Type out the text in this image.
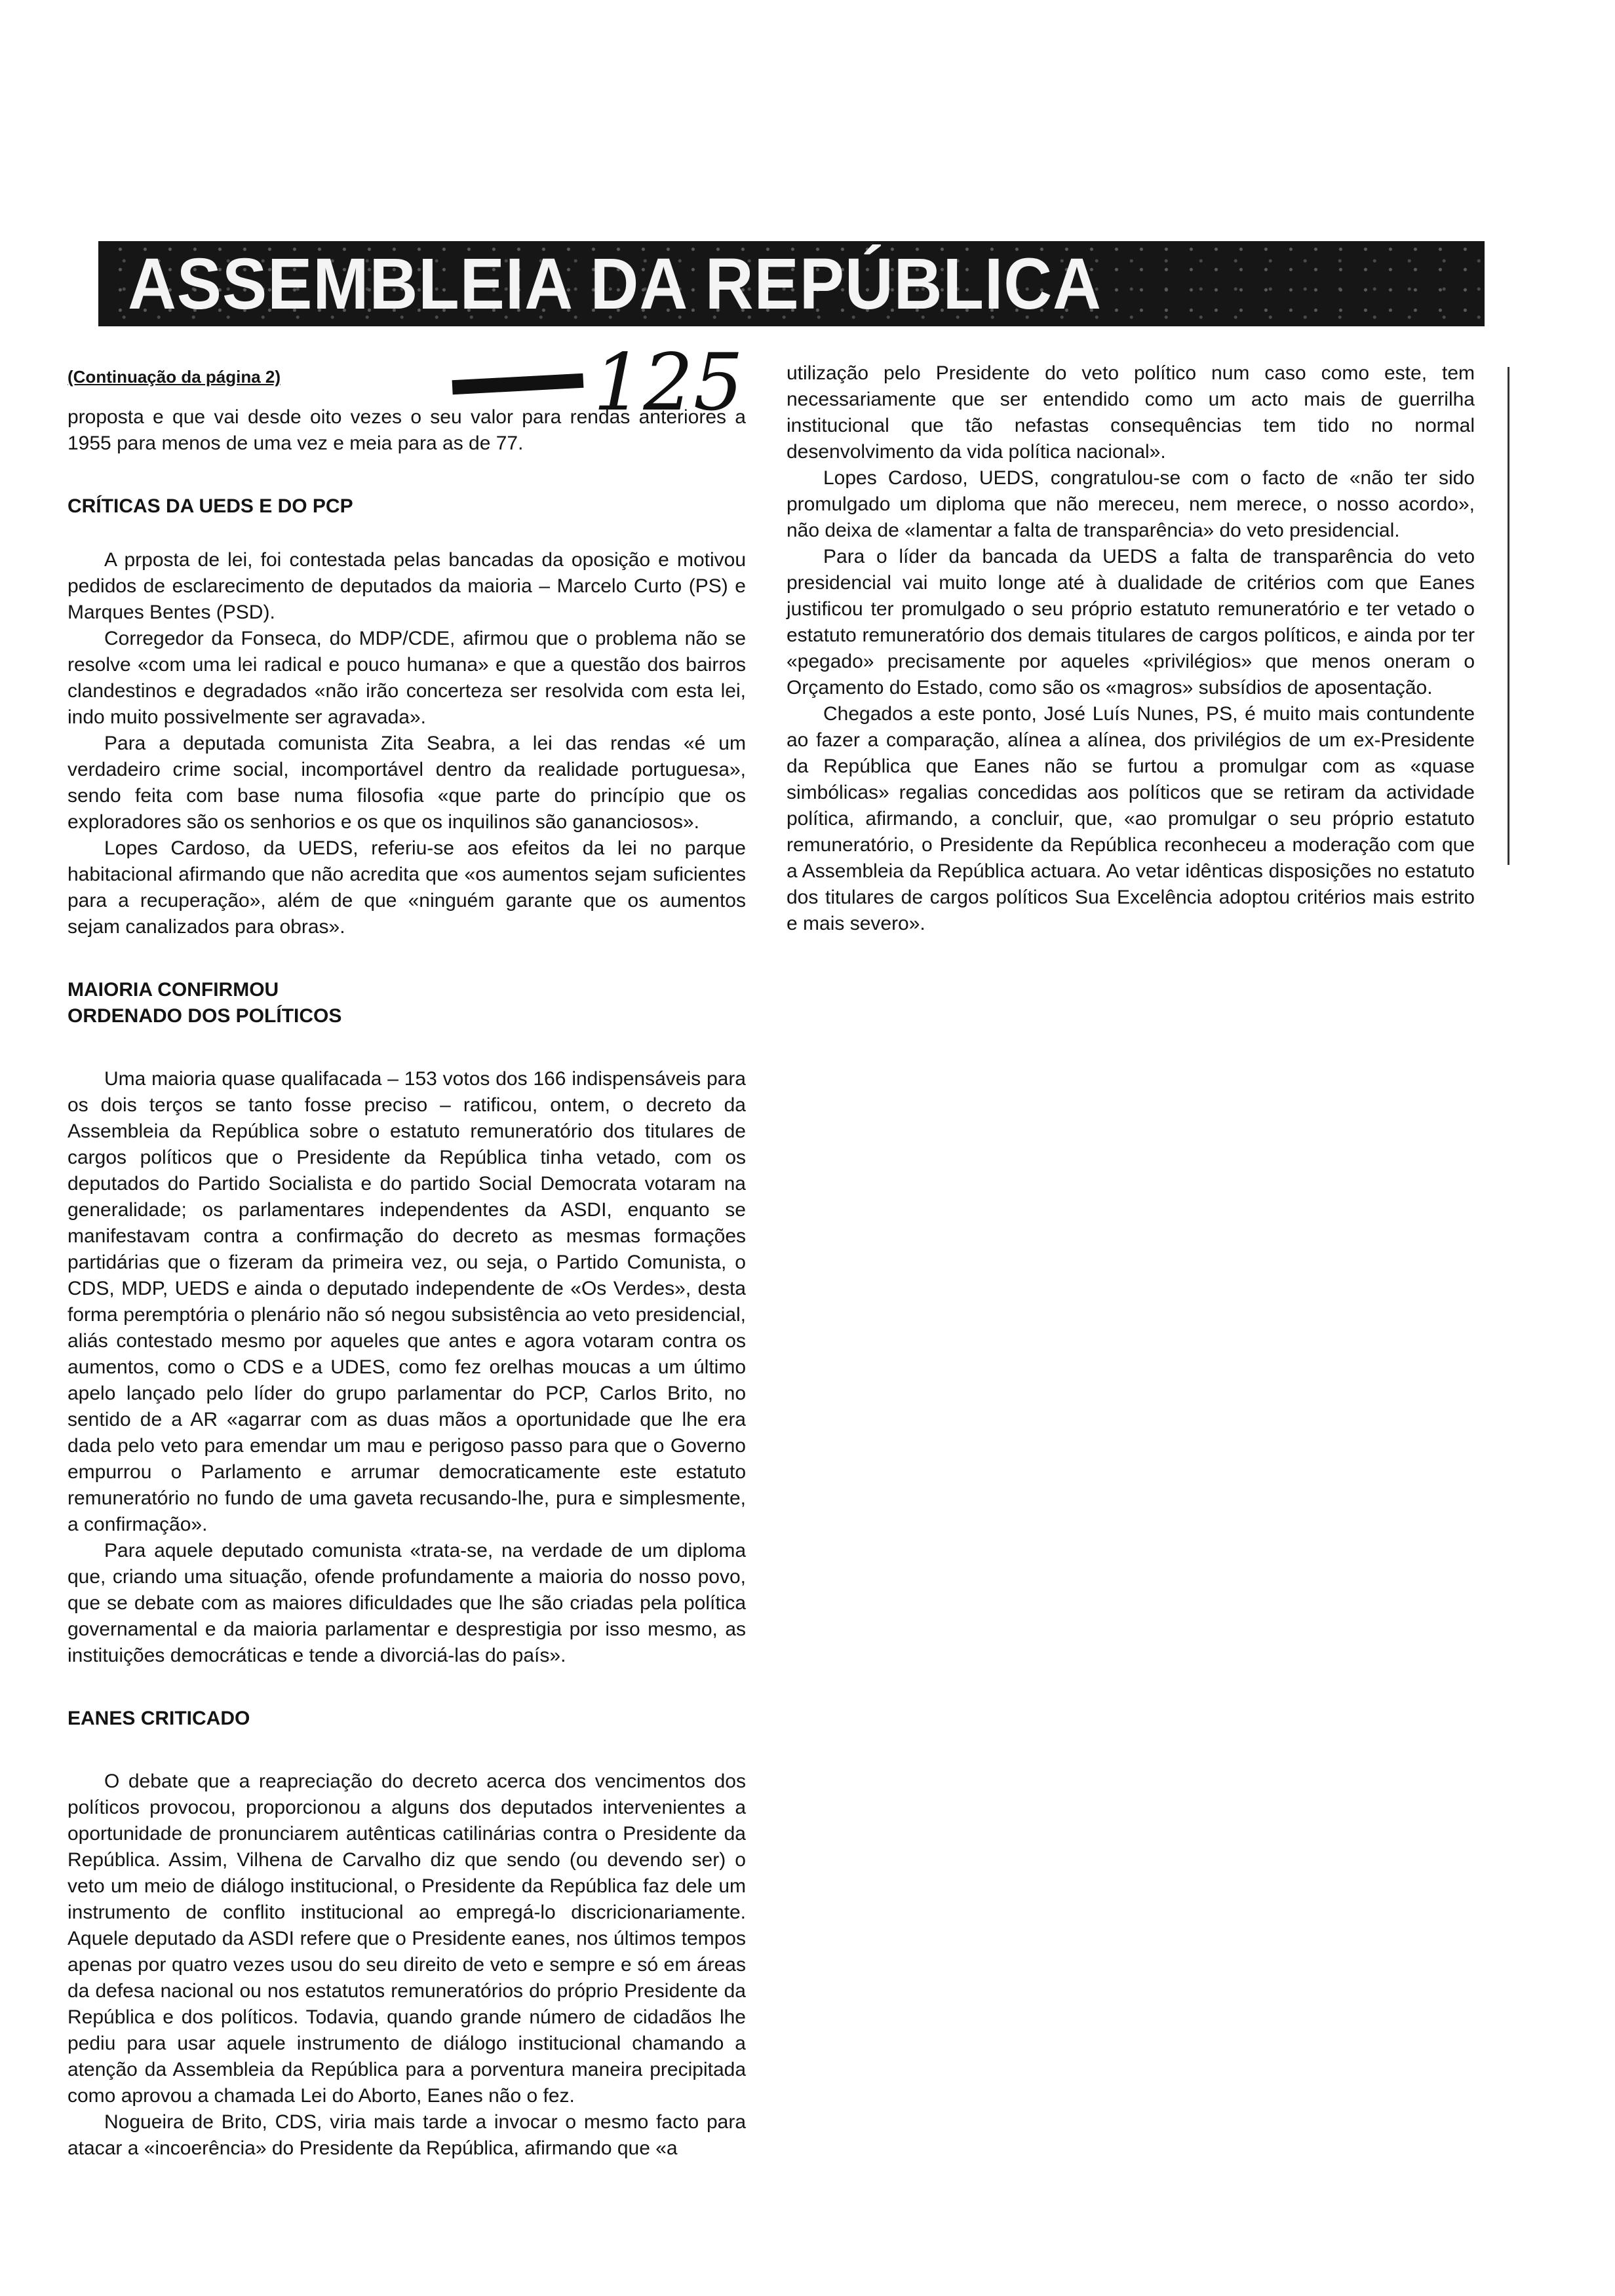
ASSEMBLEIA DA REPÚBLICA
125
(Continuação da página 2)

proposta e que vai desde oito vezes o seu valor para rendas anteriores a 1955 para menos de uma vez e meia para as de 77.

CRÍTICAS DA UEDS E DO PCP

A prposta de lei, foi contestada pelas bancadas da oposição e motivou pedidos de esclarecimento de deputados da maioria – Marcelo Curto (PS) e Marques Bentes (PSD).

Corregedor da Fonseca, do MDP/CDE, afirmou que o problema não se resolve «com uma lei radical e pouco humana» e que a questão dos bairros clandestinos e degradados «não irão concerteza ser resolvida com esta lei, indo muito possivelmente ser agravada».

Para a deputada comunista Zita Seabra, a lei das rendas «é um verdadeiro crime social, incomportável dentro da realidade portuguesa», sendo feita com base numa filosofia «que parte do princípio que os exploradores são os senhorios e os que os inquilinos são gananciosos».

Lopes Cardoso, da UEDS, referiu-se aos efeitos da lei no parque habitacional afirmando que não acredita que «os aumentos sejam suficientes para a recuperação», além de que «ninguém garante que os aumentos sejam canalizados para obras».

MAIORIA CONFIRMOU
ORDENADO DOS POLÍTICOS

Uma maioria quase qualifacada – 153 votos dos 166 indispensáveis para os dois terços se tanto fosse preciso – ratificou, ontem, o decreto da Assembleia da República sobre o estatuto remuneratório dos titulares de cargos políticos que o Presidente da República tinha vetado, com os deputados do Partido Socialista e do partido Social Democrata votaram na generalidade; os parlamentares independentes da ASDI, enquanto se manifestavam contra a confirmação do decreto as mesmas formações partidárias que o fizeram da primeira vez, ou seja, o Partido Comunista, o CDS, MDP, UEDS e ainda o deputado independente de «Os Verdes», desta forma peremptória o plenário não só negou subsistência ao veto presidencial, aliás contestado mesmo por aqueles que antes e agora votaram contra os aumentos, como o CDS e a UDES, como fez orelhas moucas a um último apelo lançado pelo líder do grupo parlamentar do PCP, Carlos Brito, no sentido de a AR «agarrar com as duas mãos a oportunidade que lhe era dada pelo veto para emendar um mau e perigoso passo para que o Governo empurrou o Parlamento e arrumar democraticamente este estatuto remuneratório no fundo de uma gaveta recusando-lhe, pura e simplesmente, a confirmação».

Para aquele deputado comunista «trata-se, na verdade de um diploma que, criando uma situação, ofende profundamente a maioria do nosso povo, que se debate com as maiores dificuldades que lhe são criadas pela política governamental e da maioria parlamentar e desprestigia por isso mesmo, as instituições democráticas e tende a divorciá-las do país».

EANES CRITICADO

O debate que a reapreciação do decreto acerca dos vencimentos dos políticos provocou, proporcionou a alguns dos deputados intervenientes a oportunidade de pronunciarem autênticas catilinárias contra o Presidente da República. Assim, Vilhena de Carvalho diz que sendo (ou devendo ser) o veto um meio de diálogo institucional, o Presidente da República faz dele um instrumento de conflito institucional ao empregá-lo discricionariamente. Aquele deputado da ASDI refere que o Presidente eanes, nos últimos tempos apenas por quatro vezes usou do seu direito de veto e sempre e só em áreas da defesa nacional ou nos estatutos remuneratórios do próprio Presidente da República e dos políticos. Todavia, quando grande número de cidadãos lhe pediu para usar aquele instrumento de diálogo institucional chamando a atenção da Assembleia da República para a porventura maneira precipitada como aprovou a chamada Lei do Aborto, Eanes não o fez.

Nogueira de Brito, CDS, viria mais tarde a invocar o mesmo facto para atacar a «incoerência» do Presidente da República, afirmando que «a

utilização pelo Presidente do veto político num caso como este, tem necessariamente que ser entendido como um acto mais de guerrilha institucional que tão nefastas consequências tem tido no normal desenvolvimento da vida política nacional».

Lopes Cardoso, UEDS, congratulou-se com o facto de «não ter sido promulgado um diploma que não mereceu, nem merece, o nosso acordo», não deixa de «lamentar a falta de transparência» do veto presidencial.

Para o líder da bancada da UEDS a falta de transparência do veto presidencial vai muito longe até à dualidade de critérios com que Eanes justificou ter promulgado o seu próprio estatuto remuneratório e ter vetado o estatuto remuneratório dos demais titulares de cargos políticos, e ainda por ter «pegado» precisamente por aqueles «privilégios» que menos oneram o Orçamento do Estado, como são os «magros» subsídios de aposentação.

Chegados a este ponto, José Luís Nunes, PS, é muito mais contundente ao fazer a comparação, alínea a alínea, dos privilégios de um ex-Presidente da República que Eanes não se furtou a promulgar com as «quase simbólicas» regalias concedidas aos políticos que se retiram da actividade política, afirmando, a concluir, que, «ao promulgar o seu próprio estatuto remuneratório, o Presidente da República reconheceu a moderação com que a Assembleia da República actuara. Ao vetar idênticas disposições no estatuto dos titulares de cargos políticos Sua Excelência adoptou critérios mais estrito e mais severo».
